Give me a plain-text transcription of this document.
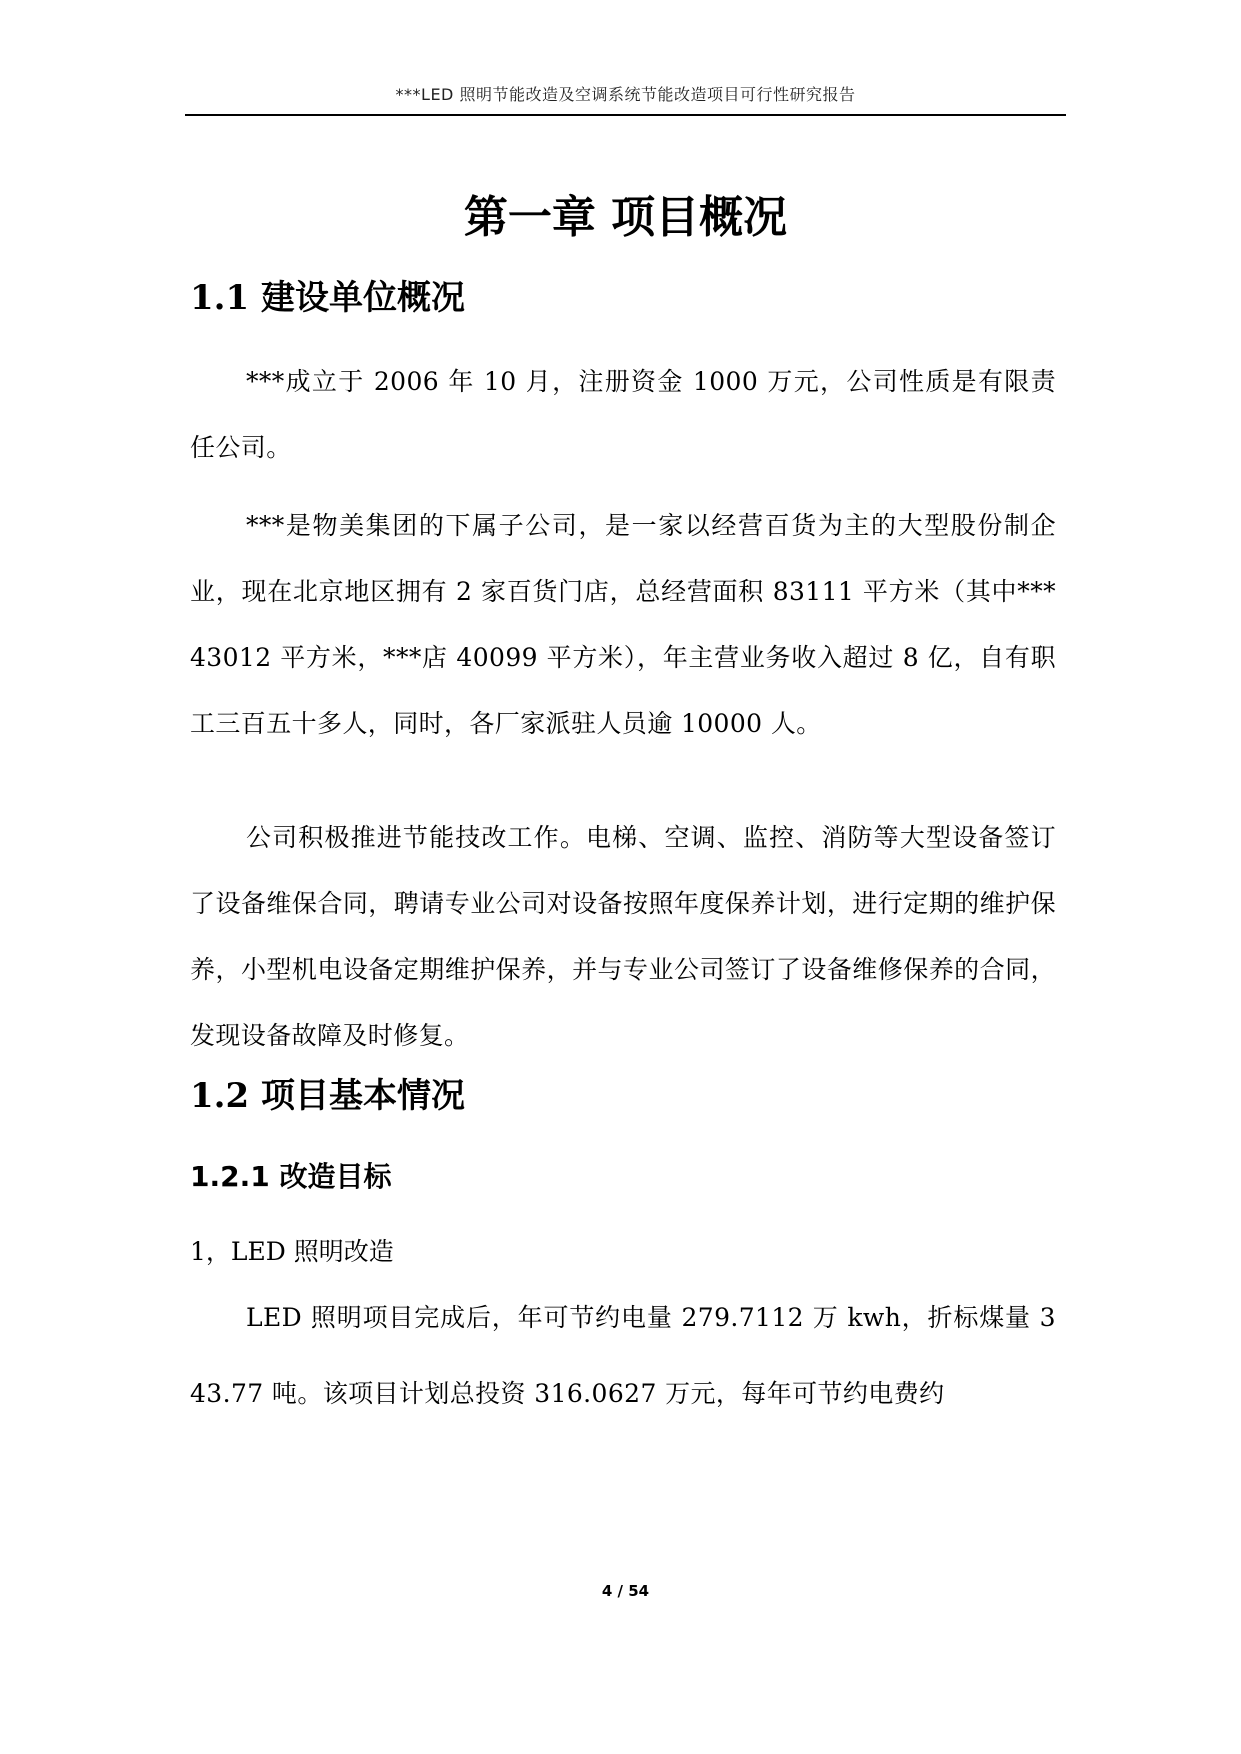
***LED 照明节能改造及空调系统节能改造项目可行性研究报告
第一章 项目概况
1.1 建设单位概况

***成立于 2006 年 10 月，注册资金 1000 万元，公司性质是有限责任公司。

***是物美集团的下属子公司，是一家以经营百货为主的大型股份制企业，现在北京地区拥有 2 家百货门店，总经营面积 83111 平方米（其中***43012 平方米，***店 40099 平方米），年主营业务收入超过 8 亿，自有职工三百五十多人，同时，各厂家派驻人员逾 10000 人。

公司积极推进节能技改工作。电梯、空调、监控、消防等大型设备签订了设备维保合同，聘请专业公司对设备按照年度保养计划，进行定期的维护保养，小型机电设备定期维护保养，并与专业公司签订了设备维修保养的合同，发现设备故障及时修复。

1.2 项目基本情况
1.2.1 改造目标
1，LED 照明改造

LED 照明项目完成后，年可节约电量 279.7112 万 kwh，折标煤量 343.77 吨。该项目计划总投资 316.0627 万元，每年可节约电费约

4 / 54
